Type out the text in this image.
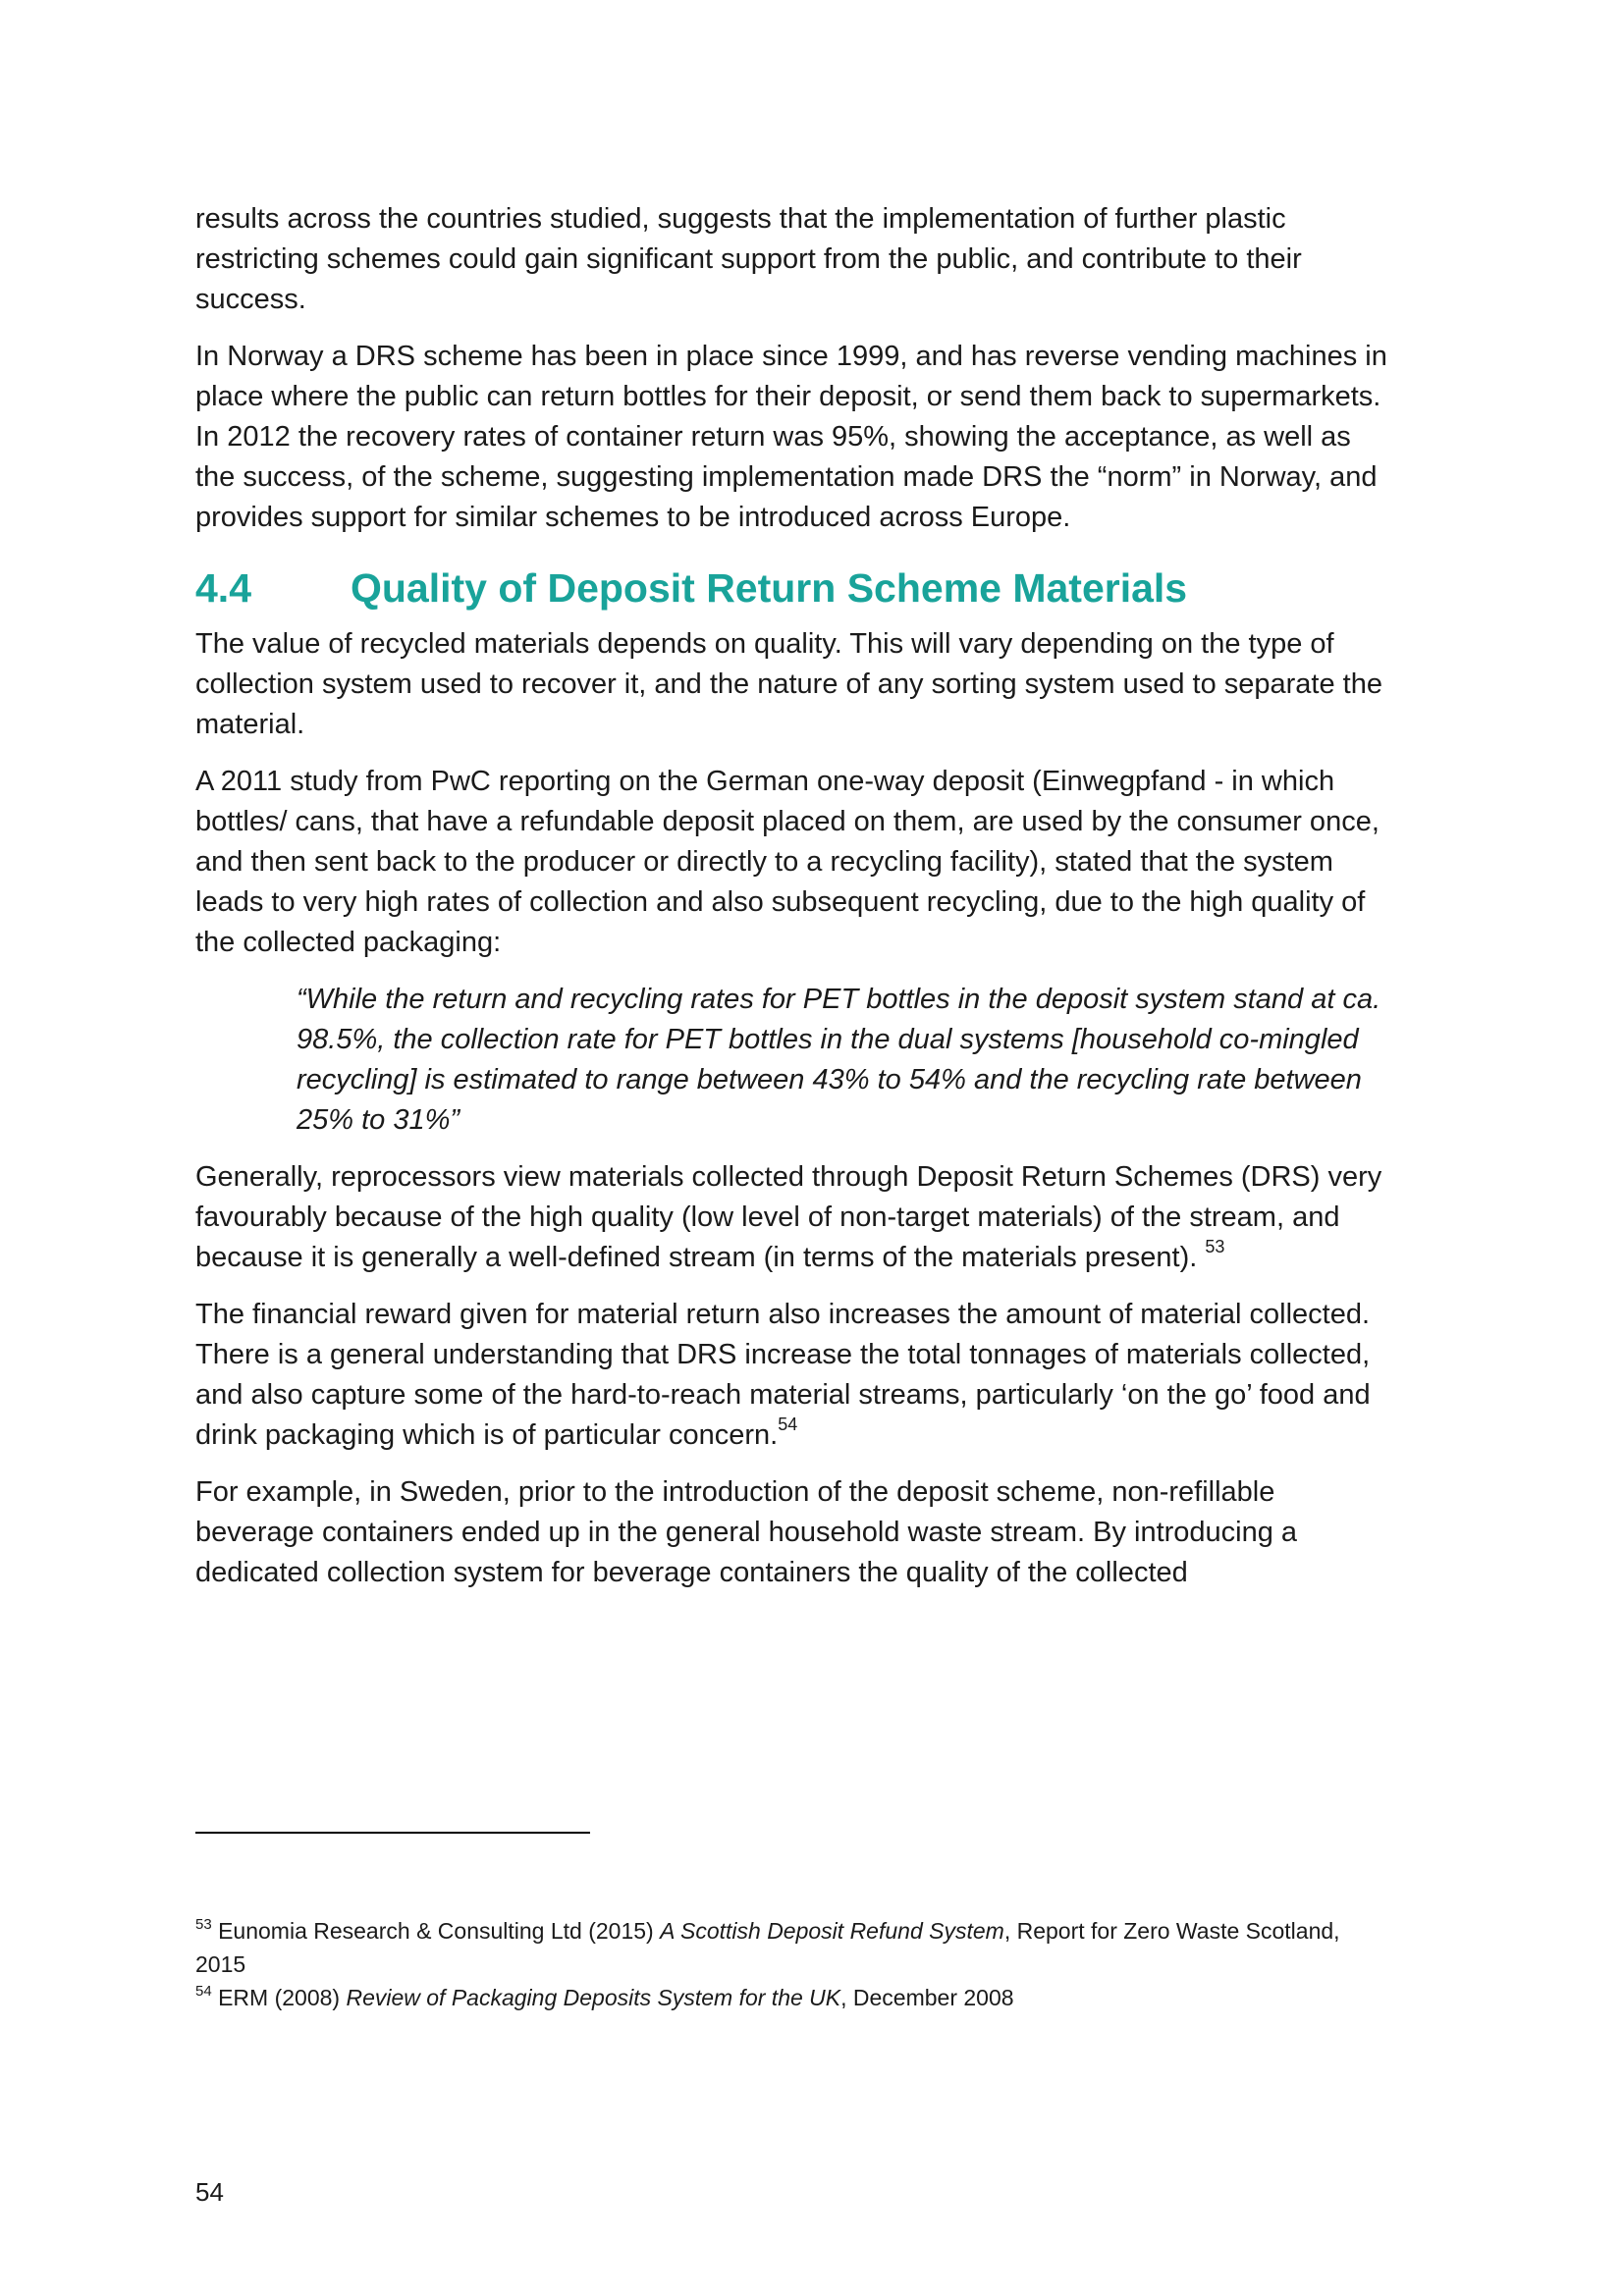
results across the countries studied, suggests that the implementation of further plastic restricting schemes could gain significant support from the public, and contribute to their success.

In Norway a DRS scheme has been in place since 1999, and has reverse vending machines in place where the public can return bottles for their deposit, or send them back to supermarkets. In 2012 the recovery rates of container return was 95%, showing the acceptance, as well as the success, of the scheme, suggesting implementation made DRS the “norm” in Norway, and provides support for similar schemes to be introduced across Europe.

4.4	Quality of Deposit Return Scheme Materials

The value of recycled materials depends on quality. This will vary depending on the type of collection system used to recover it, and the nature of any sorting system used to separate the material.

A 2011 study from PwC reporting on the German one-way deposit (Einwegpfand - in which bottles/ cans, that have a refundable deposit placed on them, are used by the consumer once, and then sent back to the producer or directly to a recycling facility), stated that the system leads to very high rates of collection and also subsequent recycling, due to the high quality of the collected packaging:

“While the return and recycling rates for PET bottles in the deposit system stand at ca. 98.5%, the collection rate for PET bottles in the dual systems [household co-mingled recycling] is estimated to range between 43% to 54% and the recycling rate between 25% to 31%”

Generally, reprocessors view materials collected through Deposit Return Schemes (DRS) very favourably because of the high quality (low level of non-target materials) of the stream, and because it is generally a well-defined stream (in terms of the materials present). $^{53}$

The financial reward given for material return also increases the amount of material collected. There is a general understanding that DRS increase the total tonnages of materials collected, and also capture some of the hard-to-reach material streams, particularly ‘on the go’ food and drink packaging which is of particular concern.$^{54}$

For example, in Sweden, prior to the introduction of the deposit scheme, non-refillable beverage containers ended up in the general household waste stream. By introducing a dedicated collection system for beverage containers the quality of the collected

$^{53}$ Eunomia Research & Consulting Ltd (2015) A Scottish Deposit Refund System, Report for Zero Waste Scotland, 2015
$^{54}$ ERM (2008) Review of Packaging Deposits System for the UK, December 2008
54
